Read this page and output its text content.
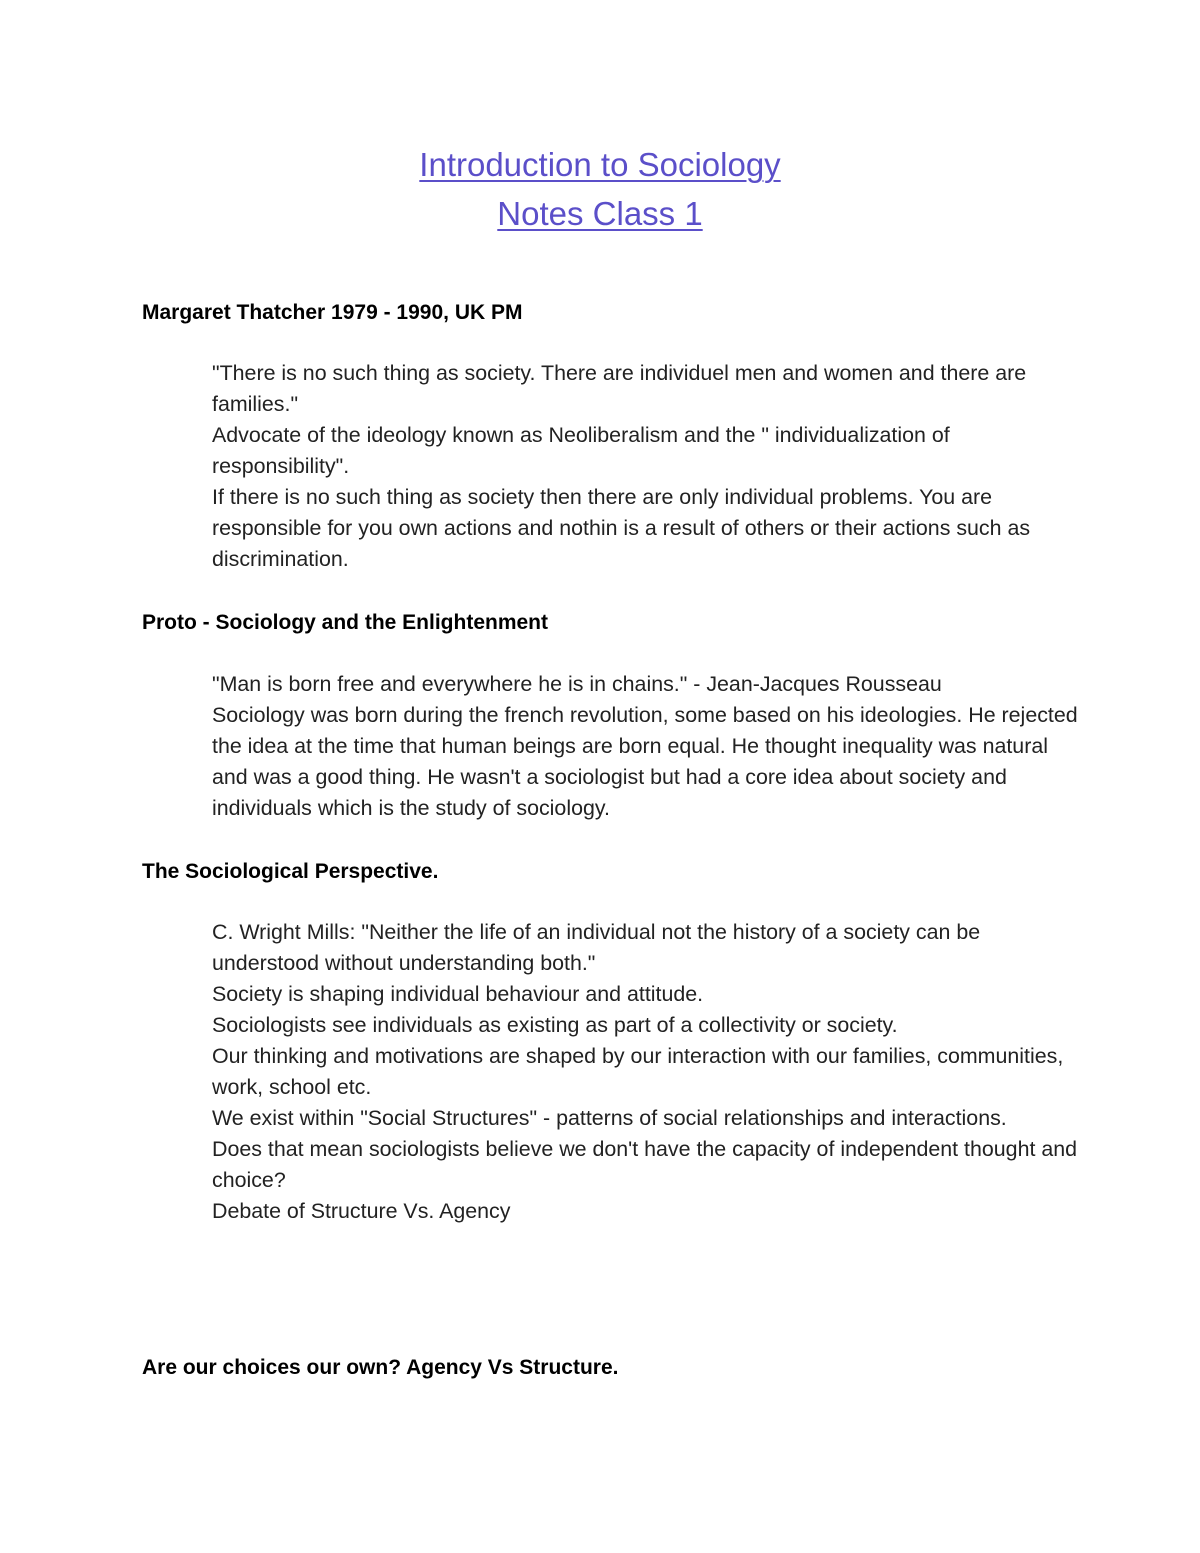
Introduction to Sociology
Notes Class 1

Margaret Thatcher 1979 - 1990, UK PM

"There is no such thing as society. There are individuel men and women and there are families."

Advocate of the ideology known as Neoliberalism and the " individualization of responsibility".

If there is no such thing as society then there are only individual problems. You are responsible for you own actions and nothin is a result of others or their actions such as discrimination.

Proto - Sociology and the Enlightenment

"Man is born free and everywhere he is in chains." - Jean-Jacques Rousseau

Sociology was born during the french revolution, some based on his ideologies. He rejected the idea at the time that human beings are born equal. He thought inequality was natural and was a good thing. He wasn't a sociologist but had a core idea about society and individuals which is the study of sociology.

The Sociological Perspective.

C. Wright Mills: "Neither the life of an individual not the history of a society can be understood without understanding both."

Society is shaping individual behaviour and attitude.

Sociologists see individuals as existing as part of a collectivity or society.

Our thinking and motivations are shaped by our interaction with our families, communities, work, school etc.

We exist within "Social Structures" - patterns of social relationships and interactions.

Does that mean sociologists believe we don't have the capacity of independent thought and choice?

Debate of Structure Vs. Agency

Are our choices our own? Agency Vs Structure.
